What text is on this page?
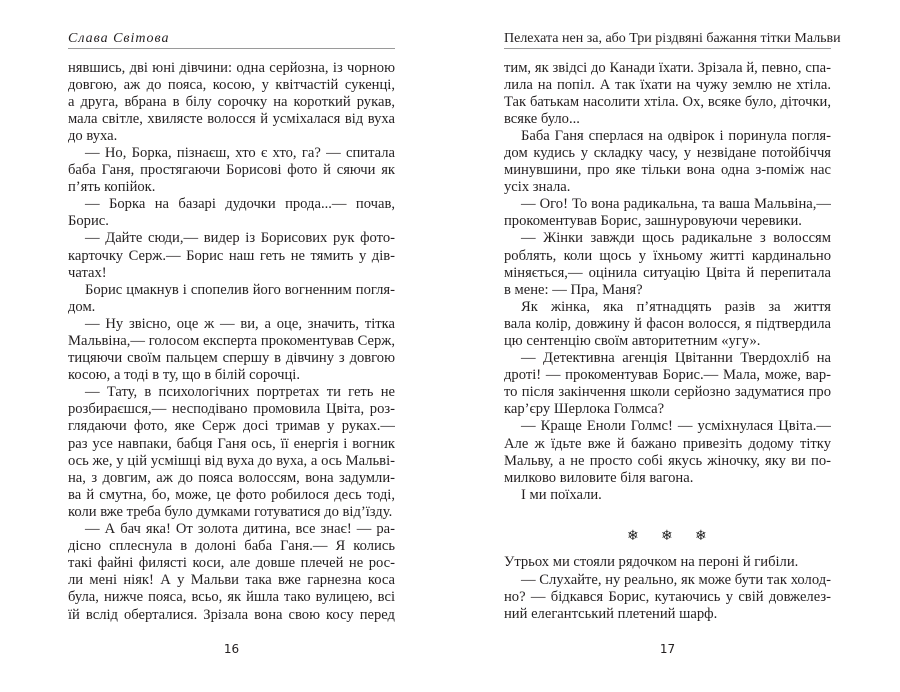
Слава Світова
нявшись, дві юні дівчини: одна серйозна, із чорною
довгою, аж до пояса, косою, у квітчастій сукенці,
а друга, вбрана в білу сорочку на короткий рукав,
мала світле, хвилясте волосся й усміхалася від вуха
до вуха.
— Но, Борка, пізнаєш, хто є хто, га? — спитала
баба Ганя, простягаючи Борисові фото й сяючи як
п’ять копійок.
— Борка на базарі дудочки прода...— почав,
Борис.
— Дайте сюди,— видер із Борисових рук фото-
карточку Серж.— Борис наш геть не тямить у дів-
чатах!
Борис цмакнув і спопелив його вогненним погля-
дом.
— Ну звісно, оце ж — ви, а оце, значить, тітка
Мальвіна,— голосом експерта прокоментував Серж,
тицяючи своїм пальцем спершу в дівчину з довгою
косою, а тоді в ту, що в білій сорочці.
— Тату, в психологічних портретах ти геть не
розбираєшся,— несподівано промовила Цвіта, роз-
глядаючи фото, яке Серж досі тримав у руках.—
раз усе навпаки, бабця Ганя ось, її енергія і вогник
ось же, у цій усмішці від вуха до вуха, а ось Мальві-
на, з довгим, аж до пояса волоссям, вона задумли-
ва й смутна, бо, може, це фото робилося десь тоді,
коли вже треба було думками готуватися до від’їзду.
— А бач яка! От золота дитина, все знає! — ра-
дісно сплеснула в долоні баба Ганя.— Я колись
такі файні филясті коси, але довше плечей не рос-
ли мені ніяк! А у Мальви така вже гарнезна коса
була, нижче пояса, всьо, як йшла тако вулицею, всі
їй вслід оберталися. Зрізала вона свою косу перед
16
Пелехата нен за, або Три різдвяні бажання тітки Мальви
тим, як звідсі до Канади їхати. Зрізала й, певно, спа-
лила на попіл. А так їхати на чужу землю не хтіла.
Так батькам насолити хтіла. Ох, всяке було, діточки,
всяке було...
Баба Ганя сперлася на одвірок і поринула погля-
дом кудись у складку часу, у незвідане потойбіччя
минувшини, про яке тільки вона одна з-поміж нас
усіх знала.
— Ого! То вона радикальна, та ваша Мальвіна,—
прокоментував Борис, зашнуровуючи черевики.
— Жінки завжди щось радикальне з волоссям
роблять, коли щось у їхньому житті кардинально
міняється,— оцінила ситуацію Цвіта й перепитала
в мене: — Пра, Маня?
Як жінка, яка п’ятнадцять разів за життя
вала колір, довжину й фасон волосся, я підтвердила
цю сентенцію своїм авторитетним «угу».
— Детективна агенція Цвітанни Твердохліб на
дроті! — прокоментував Борис.— Мала, може, вар-
то після закінчення школи серйозно задуматися про
кар’єру Шерлока Голмса?
— Краще Еноли Голмс! — усміхнулася Цвіта.—
Але ж їдьте вже й бажано привезіть додому тітку
Мальву, а не просто собі якусь жіночку, яку ви по-
милково виловите біля вагона.
І ми поїхали.
❄ ❄ ❄
Утрьох ми стояли рядочком на пероні й гибіли.
— Слухайте, ну реально, як може бути так холод-
но? — бідкався Борис, кутаючись у свій довжелез-
ний елегантський плетений шарф.
17
